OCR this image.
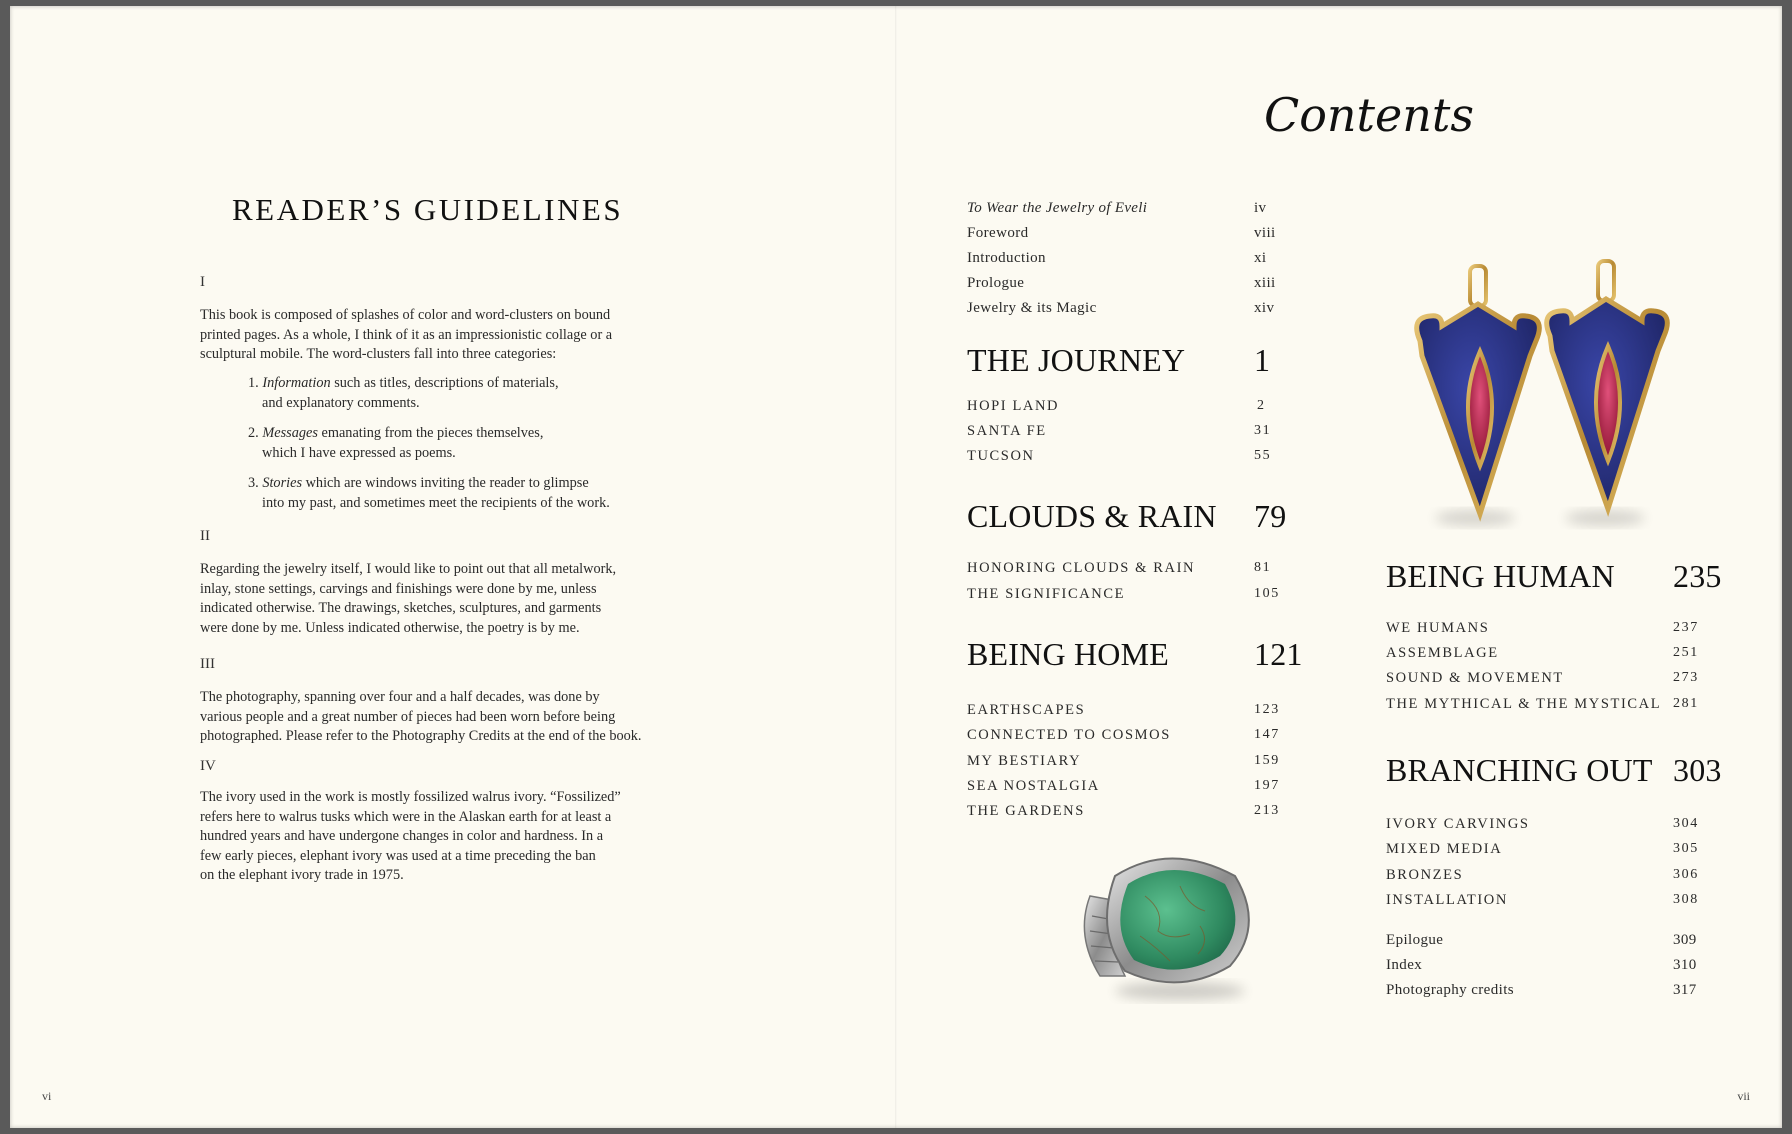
READER’S GUIDELINES
I
This book is composed of splashes of color and word-clusters on bound
printed pages. As a whole, I think of it as an impressionistic collage or a
sculptural mobile. The word-clusters fall into three categories:
1. Information such as titles, descriptions of materials,
and explanatory comments.
2. Messages emanating from the pieces themselves,
which I have expressed as poems.
3. Stories which are windows inviting the reader to glimpse
into my past, and sometimes meet the recipients of the work.
II
Regarding the jewelry itself, I would like to point out that all metalwork,
inlay, stone settings, carvings and finishings were done by me, unless
indicated otherwise. The drawings, sketches, sculptures, and garments
were done by me. Unless indicated otherwise, the poetry is by me.
III
The photography, spanning over four and a half decades, was done by
various people and a great number of pieces had been worn before being
photographed. Please refer to the Photography Credits at the end of the book.
IV
The ivory used in the work is mostly fossilized walrus ivory. “Fossilized”
refers here to walrus tusks which were in the Alaskan earth for at least a
hundred years and have undergone changes in color and hardness. In a
few early pieces, elephant ivory was used at a time preceding the ban
on the elephant ivory trade in 1975.
vi
Contents
To Wear the Jewelry of Eveli	iv
Foreword	viii
Introduction	xi
Prologue	xiii
Jewelry & its Magic	xiv
THE JOURNEY 1
HOPI LAND	2
SANTA FE	31
TUCSON	55
CLOUDS & RAIN 79
HONORING CLOUDS & RAIN	81
THE SIGNIFICANCE	105
BEING HOME	121
EARTHSCAPES	123
CONNECTED TO COSMOS	147
MY BESTIARY	159
SEA NOSTALGIA	197
THE GARDENS	213
BEING HUMAN 235
WE HUMANS	237
ASSEMBLAGE	251
SOUND & MOVEMENT	273
THE MYTHICAL & THE MYSTICAL 281
BRANCHING OUT 303
IVORY CARVINGS	304
MIXED MEDIA	305
BRONZES	306
INSTALLATION	308
Epilogue	309
Index	310
Photography credits	317
vii
